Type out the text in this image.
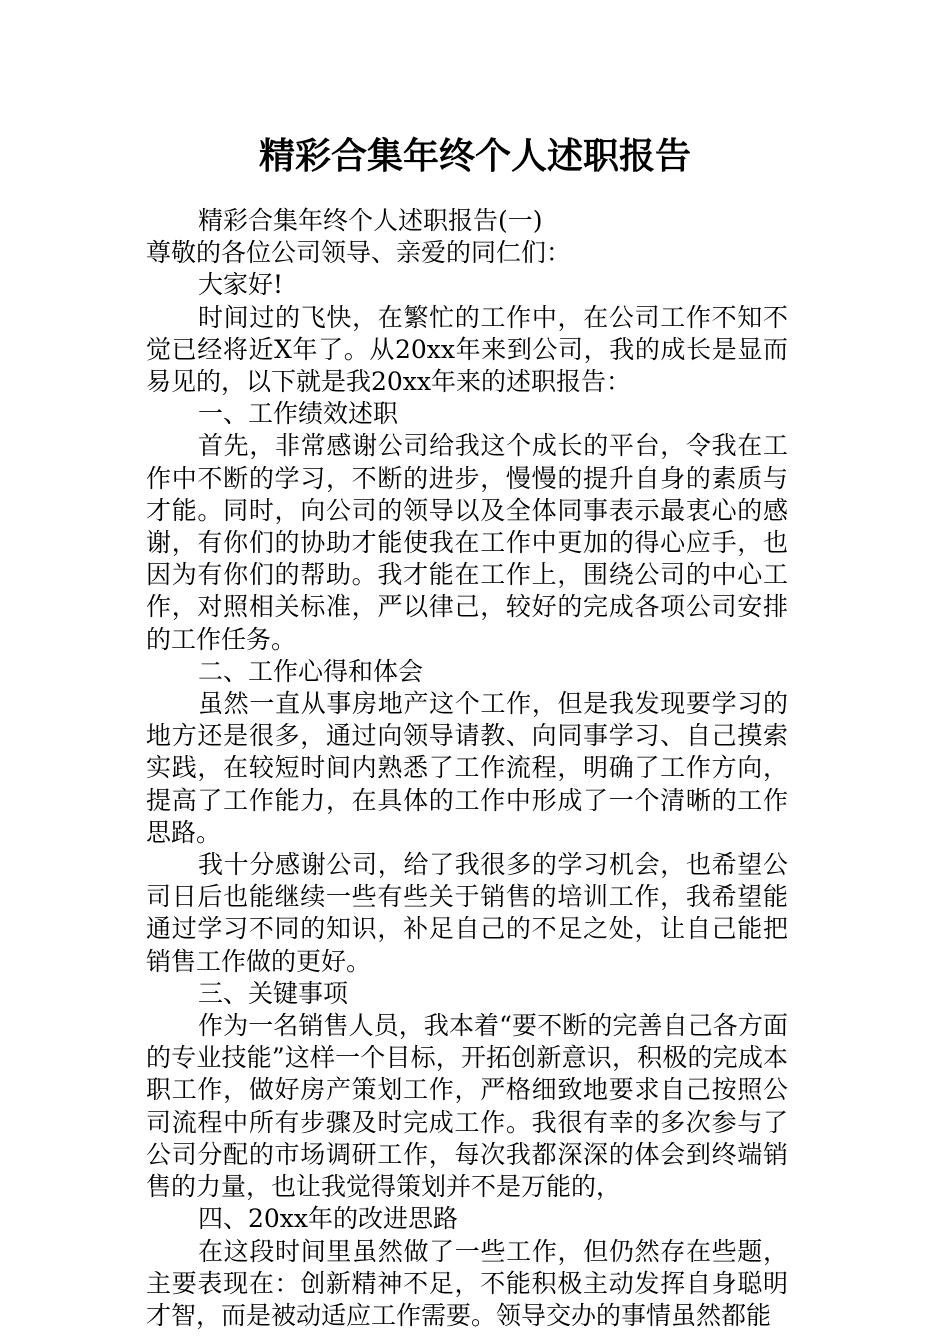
精彩合集年终个人述职报告

精彩合集年终个人述职报告(一)

尊敬的各位公司领导、亲爱的同仁们：

大家好!

时间过的飞快，在繁忙的工作中，在公司工作不知不觉已经将近X年了。从20xx年来到公司，我的成长是显而易见的，以下就是我20xx年来的述职报告：

一、工作绩效述职

首先，非常感谢公司给我这个成长的平台，令我在工作中不断的学习，不断的进步，慢慢的提升自身的素质与才能。同时，向公司的领导以及全体同事表示最衷心的感谢，有你们的协助才能使我在工作中更加的得心应手，也因为有你们的帮助。我才能在工作上，围绕公司的中心工作，对照相关标准，严以律己，较好的完成各项公司安排的工作任务。

二、工作心得和体会

虽然一直从事房地产这个工作，但是我发现要学习的地方还是很多，通过向领导请教、向同事学习、自己摸索实践，在较短时间内熟悉了工作流程，明确了工作方向，提高了工作能力，在具体的工作中形成了一个清晰的工作思路。

我十分感谢公司，给了我很多的学习机会，也希望公司日后也能继续一些有些关于销售的培训工作，我希望能通过学习不同的知识，补足自己的不足之处，让自己能把销售工作做的更好。

三、关键事项

作为一名销售人员，我本着“要不断的完善自己各方面的专业技能”这样一个目标，开拓创新意识，积极的完成本职工作，做好房产策划工作，严格细致地要求自己按照公司流程中所有步骤及时完成工作。我很有幸的多次参与了公司分配的市场调研工作，每次我都深深的体会到终端销售的力量，也让我觉得策划并不是万能的，

四、20xx年的改进思路

在这段时间里虽然做了一些工作，但仍然存在些题，主要表现在：创新精神不足，不能积极主动发挥自身聪明才智，而是被动适应工作需要。领导交办的事情虽然都能
